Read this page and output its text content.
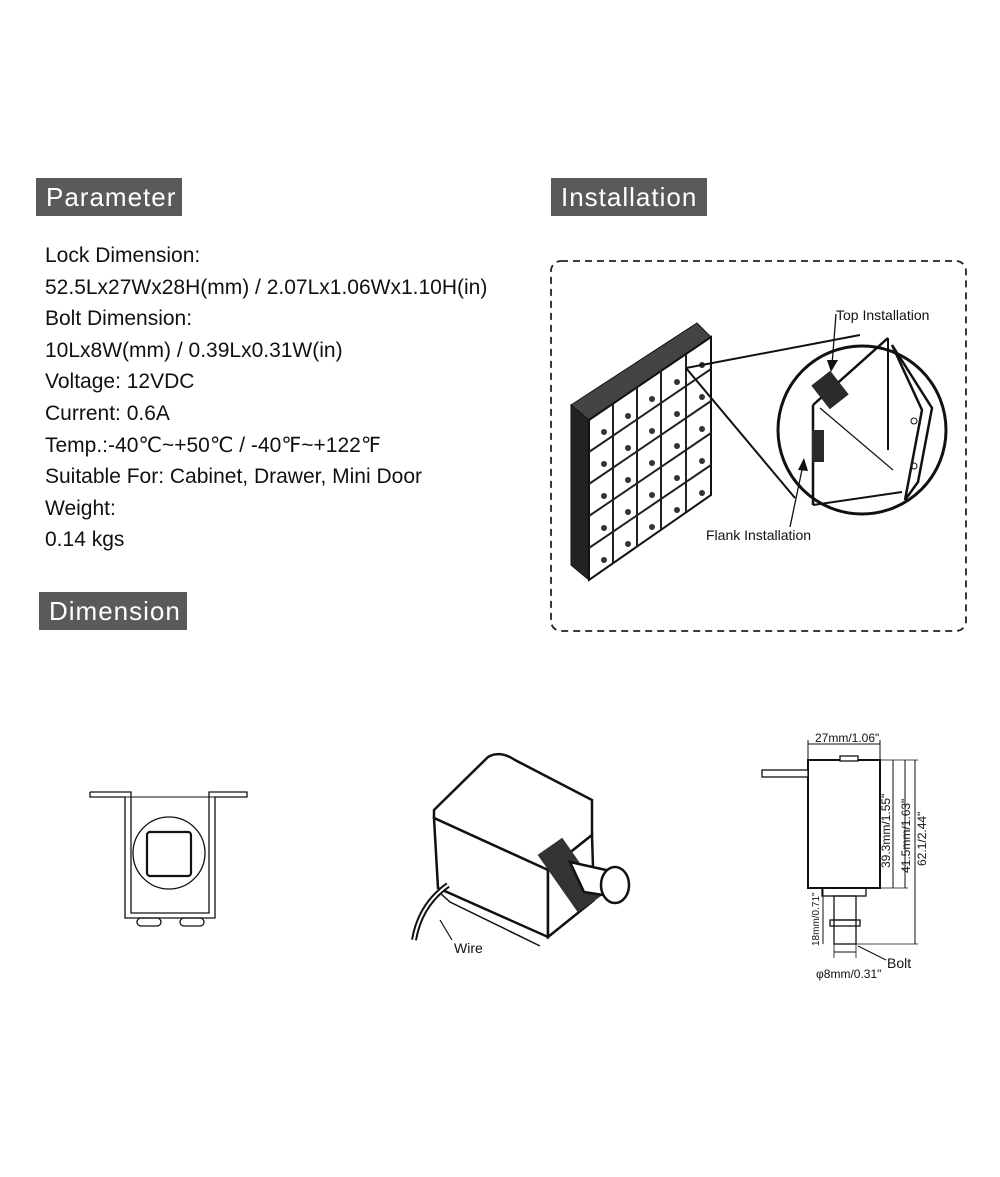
Parameter	Installation
Dimension
Lock Dimension:
52.5Lx27Wx28H(mm) / 2.07Lx1.06Wx1.10H(in)
Bolt Dimension:
10Lx8W(mm) / 0.39Lx0.31W(in)
Voltage: 12VDC
Current: 0.6A
Temp.:-40℃~+50℃ / -40℉~+122℉
Suitable For: Cabinet, Drawer, Mini Door
Weight:
0.14 kgs
Top Installation
Flank Installation
Wire
27mm/1.06"
39.3mm/1.55" 41.5mm/1.63" 62.1/2.44"
18mm/0.71"
φ8mm/0.31"
Bolt
